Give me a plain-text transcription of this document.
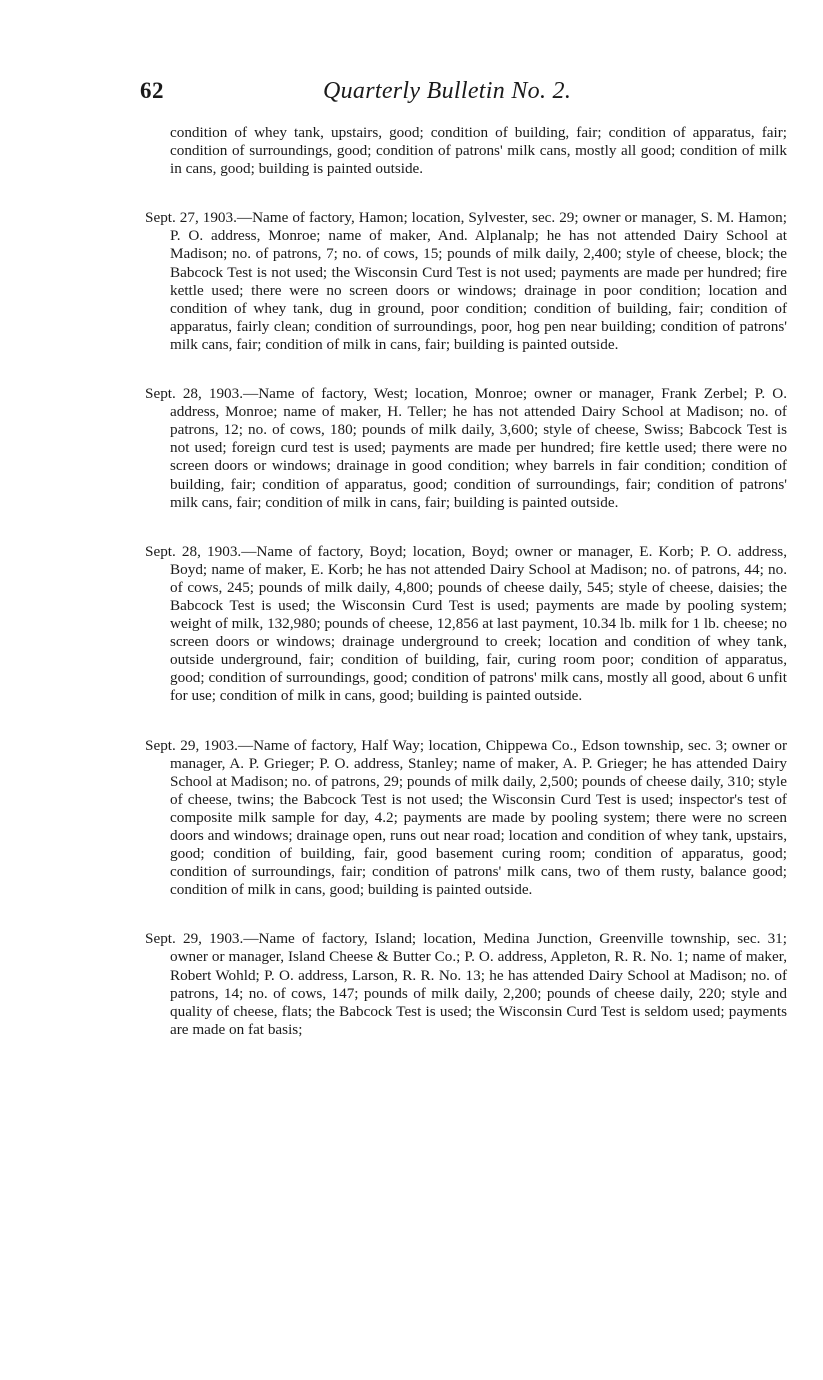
62	Quarterly Bulletin No. 2.

condition of whey tank, upstairs, good; condition of building, fair; condition of apparatus, fair; condition of surroundings, good; condition of patrons' milk cans, mostly all good; condition of milk in cans, good; building is painted outside.

Sept. 27, 1903.—Name of factory, Hamon; location, Sylvester, sec. 29; owner or manager, S. M. Hamon; P. O. address, Monroe; name of maker, And. Alplanalp; he has not attended Dairy School at Madison; no. of patrons, 7; no. of cows, 15; pounds of milk daily, 2,400; style of cheese, block; the Babcock Test is not used; the Wisconsin Curd Test is not used; payments are made per hundred; fire kettle used; there were no screen doors or windows; drainage in poor condition; location and condition of whey tank, dug in ground, poor condition; condition of building, fair; condition of apparatus, fairly clean; condition of surroundings, poor, hog pen near building; condition of patrons' milk cans, fair; condition of milk in cans, fair; building is painted outside.

Sept. 28, 1903.—Name of factory, West; location, Monroe; owner or manager, Frank Zerbel; P. O. address, Monroe; name of maker, H. Teller; he has not attended Dairy School at Madison; no. of patrons, 12; no. of cows, 180; pounds of milk daily, 3,600; style of cheese, Swiss; Babcock Test is not used; foreign curd test is used; payments are made per hundred; fire kettle used; there were no screen doors or windows; drainage in good condition; whey barrels in fair condition; condition of building, fair; condition of apparatus, good; condition of surroundings, fair; condition of patrons' milk cans, fair; condition of milk in cans, fair; building is painted outside.

Sept. 28, 1903.—Name of factory, Boyd; location, Boyd; owner or manager, E. Korb; P. O. address, Boyd; name of maker, E. Korb; he has not attended Dairy School at Madison; no. of patrons, 44; no. of cows, 245; pounds of milk daily, 4,800; pounds of cheese daily, 545; style of cheese, daisies; the Babcock Test is used; the Wisconsin Curd Test is used; payments are made by pooling system; weight of milk, 132,980; pounds of cheese, 12,856 at last payment, 10.34 lb. milk for 1 lb. cheese; no screen doors or windows; drainage underground to creek; location and condition of whey tank, outside underground, fair; condition of building, fair, curing room poor; condition of apparatus, good; condition of surroundings, good; condition of patrons' milk cans, mostly all good, about 6 unfit for use; condition of milk in cans, good; building is painted outside.

Sept. 29, 1903.—Name of factory, Half Way; location, Chippewa Co., Edson township, sec. 3; owner or manager, A. P. Grieger; P. O. address, Stanley; name of maker, A. P. Grieger; he has attended Dairy School at Madison; no. of patrons, 29; pounds of milk daily, 2,500; pounds of cheese daily, 310; style of cheese, twins; the Babcock Test is not used; the Wisconsin Curd Test is used; inspector's test of composite milk sample for day, 4.2; payments are made by pooling system; there were no screen doors and windows; drainage open, runs out near road; location and condition of whey tank, upstairs, good; condition of building, fair, good basement curing room; condition of apparatus, good; condition of surroundings, fair; condition of patrons' milk cans, two of them rusty, balance good; condition of milk in cans, good; building is painted outside.

Sept. 29, 1903.—Name of factory, Island; location, Medina Junction, Greenville township, sec. 31; owner or manager, Island Cheese & Butter Co.; P. O. address, Appleton, R. R. No. 1; name of maker, Robert Wohld; P. O. address, Larson, R. R. No. 13; he has attended Dairy School at Madison; no. of patrons, 14; no. of cows, 147; pounds of milk daily, 2,200; pounds of cheese daily, 220; style and quality of cheese, flats; the Babcock Test is used; the Wisconsin Curd Test is seldom used; payments are made on fat basis;
